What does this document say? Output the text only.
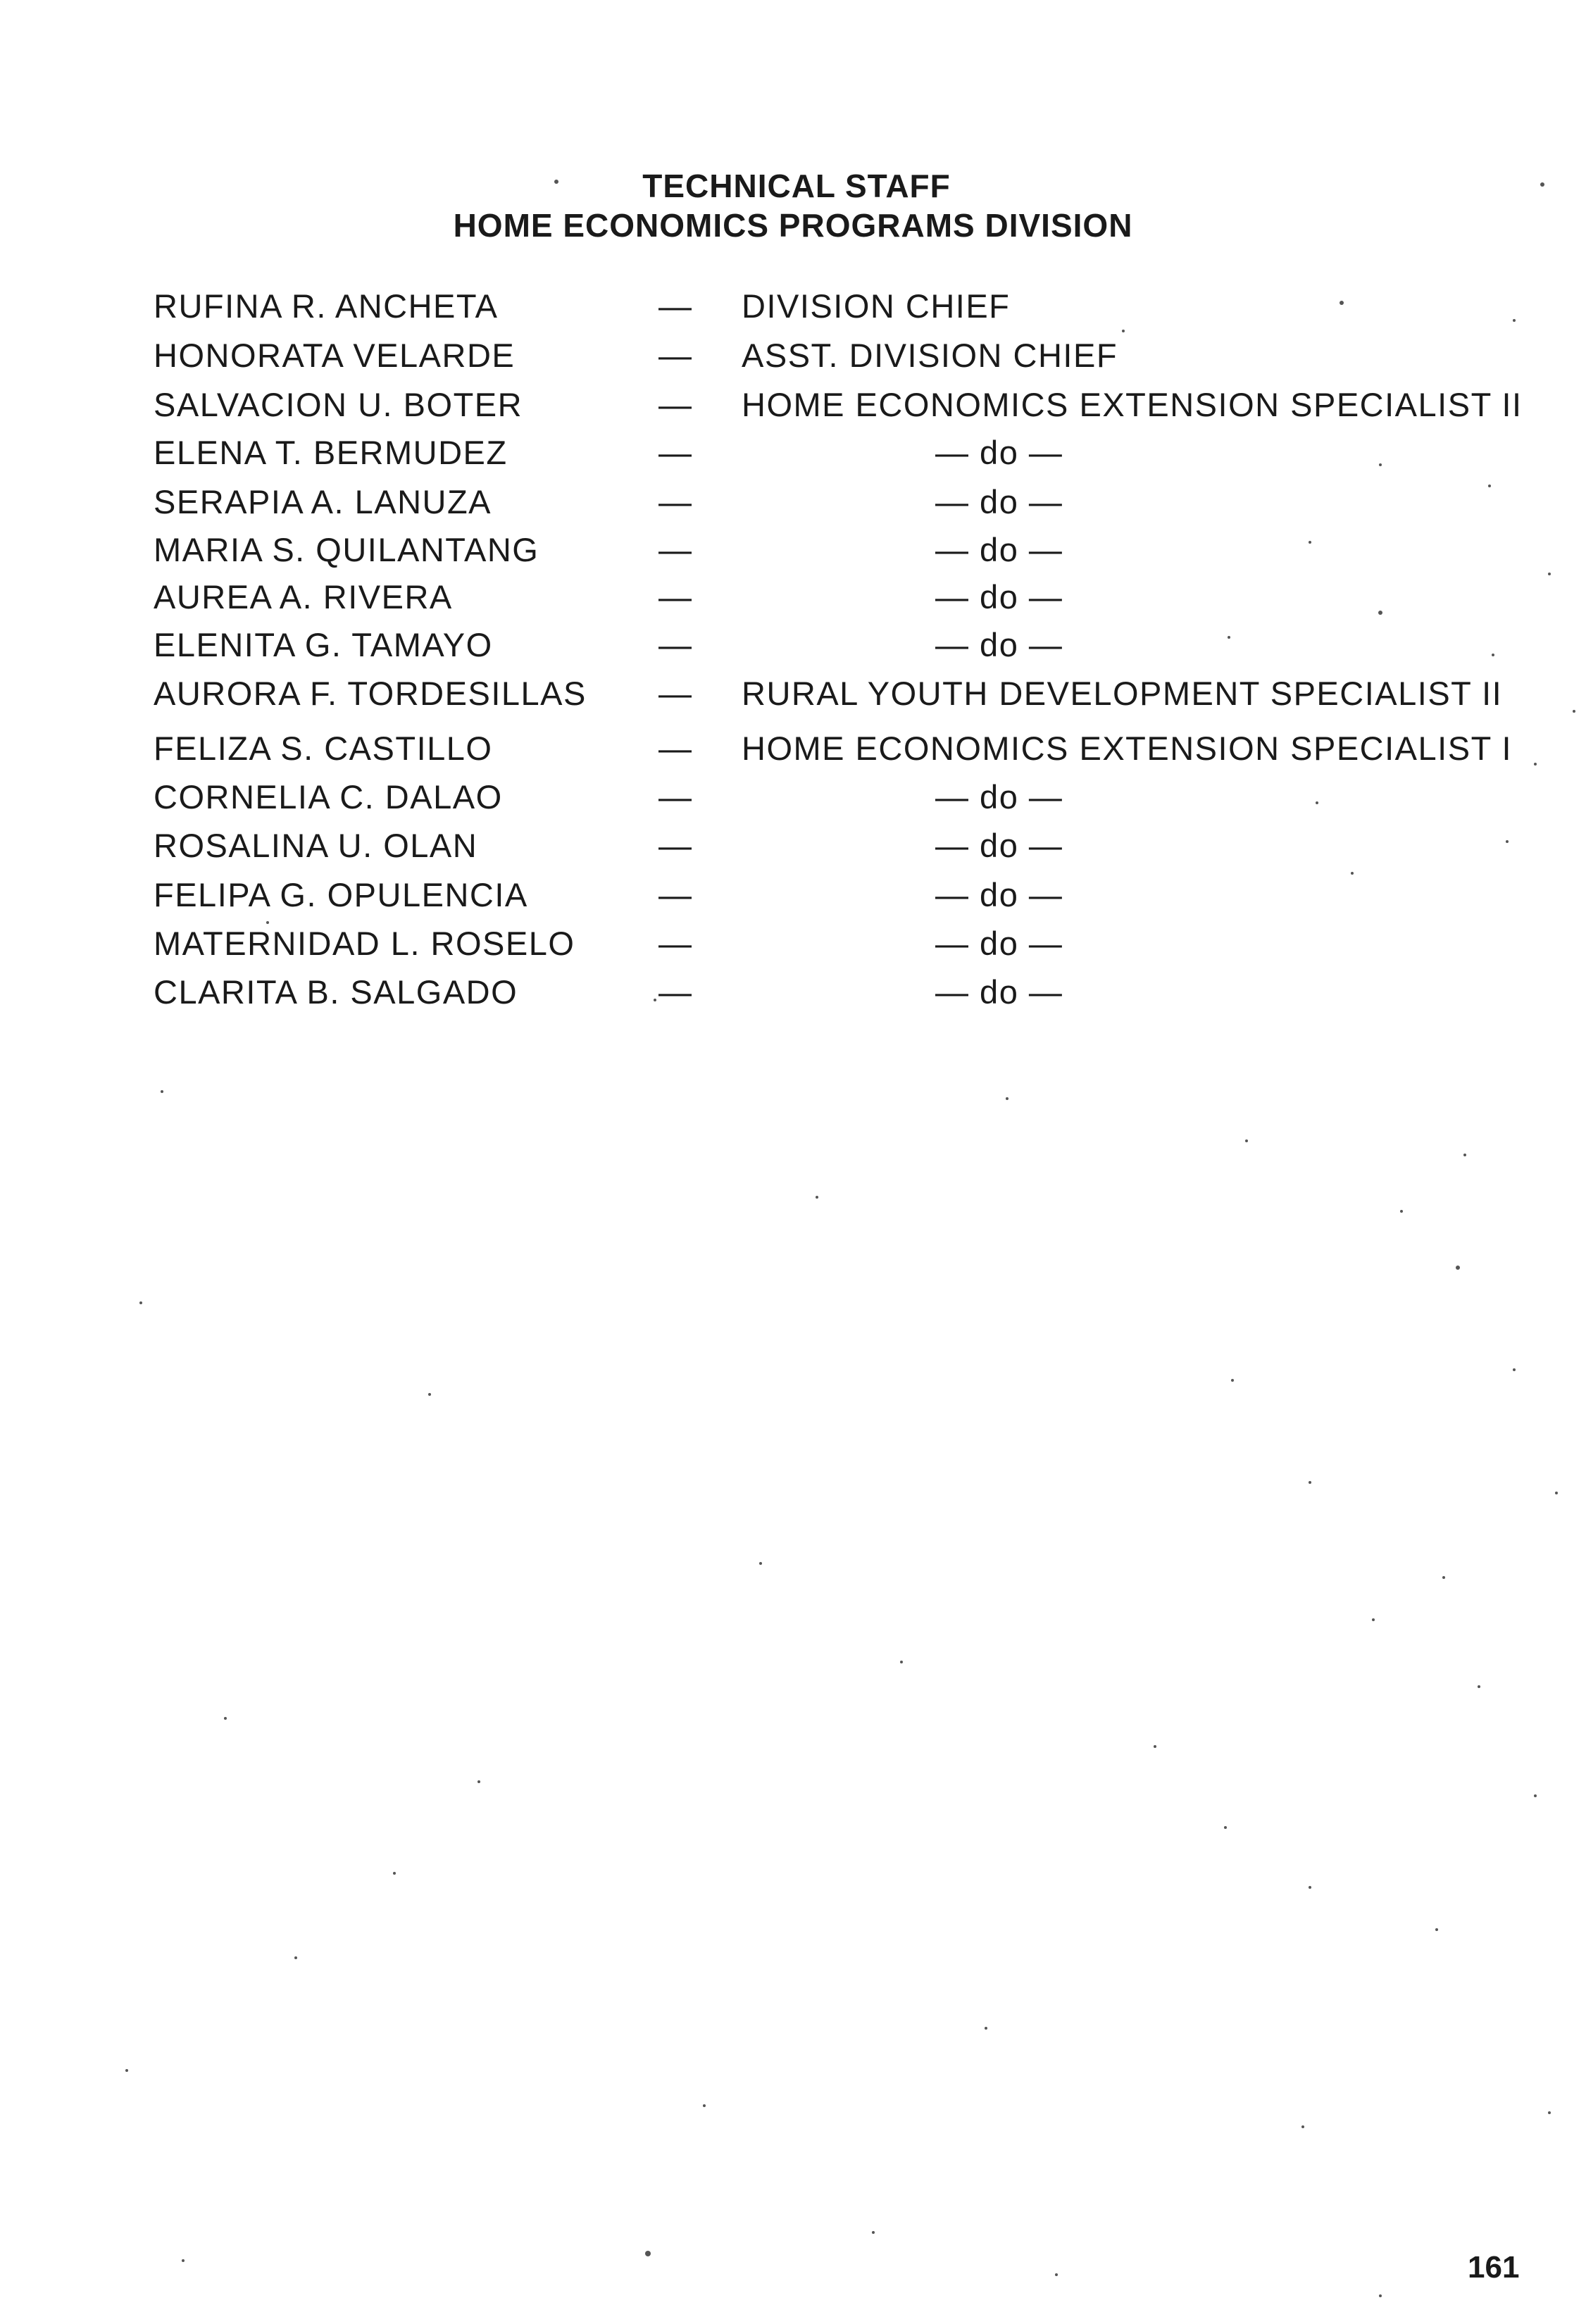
TECHNICAL STAFF
HOME ECONOMICS PROGRAMS DIVISION
RUFINA R. ANCHETA	— DIVISION CHIEF
HONORATA VELARDE	— ASST. DIVISION CHIEF
SALVACION U. BOTER	— HOME ECONOMICS EXTENSION SPECIALIST II
ELENA T. BERMUDEZ	—	— do —
SERAPIA A. LANUZA	—	— do —
MARIA S. QUILANTANG	—	— do —
AUREA A. RIVERA	—	— do —
ELENITA G. TAMAYO	—	— do —
AURORA F. TORDESILLAS — RURAL YOUTH DEVELOPMENT SPECIALIST II
FELIZA S. CASTILLO	— HOME ECONOMICS EXTENSION SPECIALIST I
CORNELIA C. DALAO	—	— do —
ROSALINA U. OLAN	—	— do —
FELIPA G. OPULENCIA	—	— do —
MATERNIDAD L. ROSELO	—	— do —
CLARITA B. SALGADO	—	— do —
161
